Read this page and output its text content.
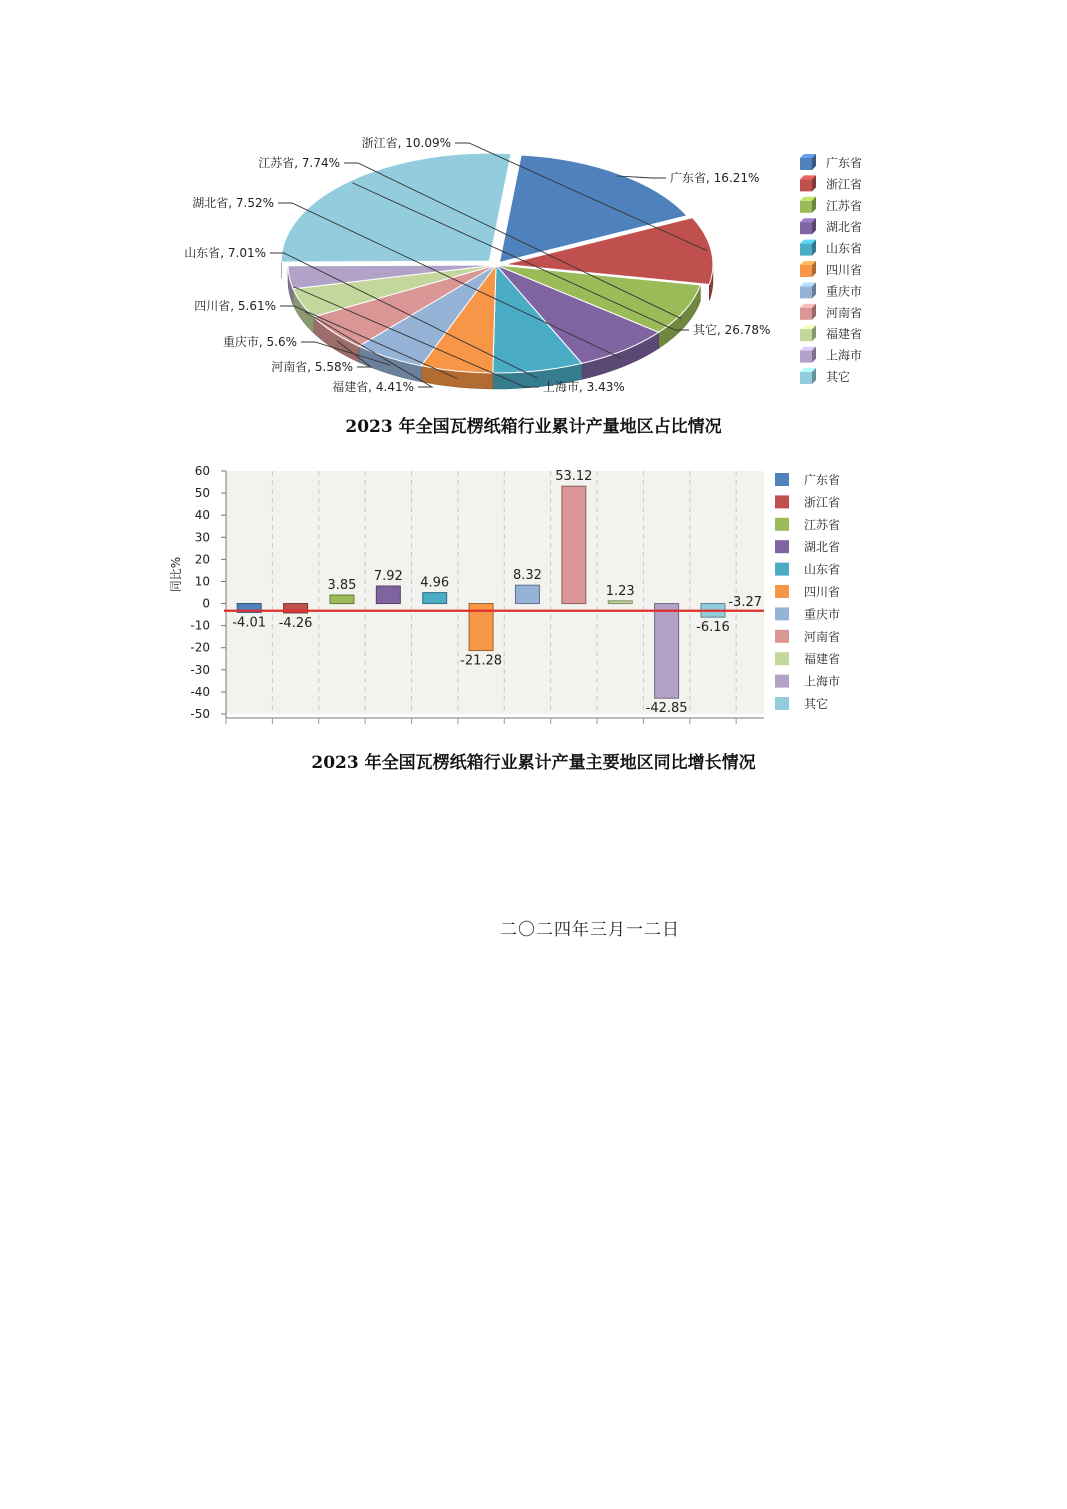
广东省, 16.21%
浙江省, 10.09%
江苏省, 7.74%
湖北省, 7.52%
山东省, 7.01%
四川省, 5.61%
重庆市, 5.6%
河南省, 5.58%
福建省, 4.41%	上海市, 3.43%
其它, 26.78%
广东省
浙江省
江苏省
湖北省
山东省
四川省
重庆市
河南省
福建省
上海市
其它
2023 年全国瓦楞纸箱行业累计产量地区占比情况
60
50
40
30
20
10
0
-10
-20
-30
-40
-50
同比%
-4.01 -4.26
3.85
7.92 4.96
-21.28
8.32
53.12
1.23
-42.85
-6.16
-3.27
广东省
浙江省
江苏省
湖北省
山东省
四川省
重庆市
河南省
福建省
上海市
其它
2023 年全国瓦楞纸箱行业累计产量主要地区同比增长情况
二〇二四年三月一二日
